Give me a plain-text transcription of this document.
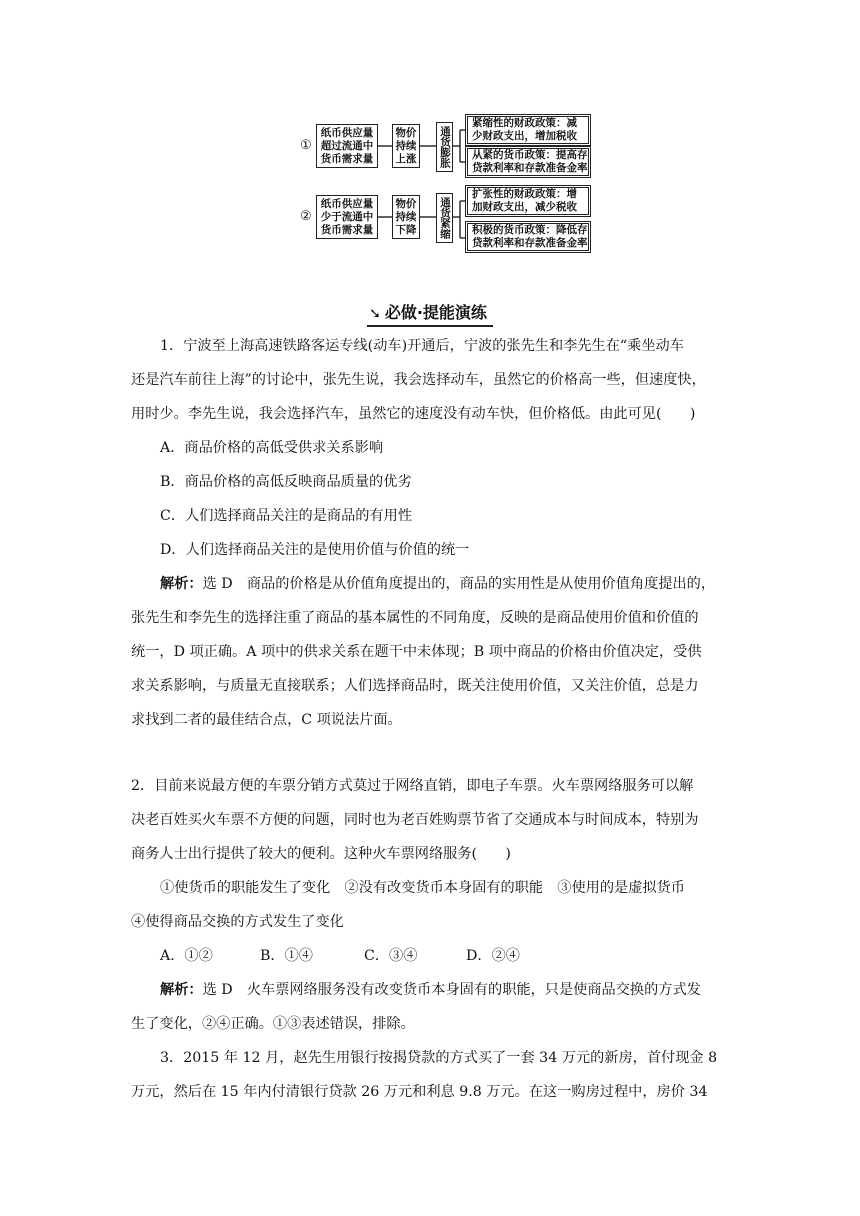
①
纸币供应量
超过流通中
货币需求量
物价
持续
上涨 通货膨胀
紧缩性的财政政策：减
少财政支出，增加税收
从紧的货币政策：提高存
贷款利率和存款准备金率
②
纸币供应量
少于流通中
货币需求量
物价
持续
下降 通货紧缩
扩张性的财政政策：增
加财政支出，减少税收
积极的货币政策：降低存
贷款利率和存款准备金率
➘ 必做·提能演练
1．宁波至上海高速铁路客运专线(动车)开通后，宁波的张先生和李先生在“乘坐动车
还是汽车前往上海”的讨论中，张先生说，我会选择动车，虽然它的价格高一些，但速度快，
用时少。李先生说，我会选择汽车，虽然它的速度没有动车快，但价格低。由此可见(　　)
A．商品价格的高低受供求关系影响
B．商品价格的高低反映商品质量的优劣
C．人们选择商品关注的是商品的有用性
D．人们选择商品关注的是使用价值与价值的统一
解析：选 D　商品的价格是从价值角度提出的，商品的实用性是从使用价值角度提出的，
张先生和李先生的选择注重了商品的基本属性的不同角度，反映的是商品使用价值和价值的
统一，D 项正确。A 项中的供求关系在题干中未体现；B 项中商品的价格由价值决定，受供
求关系影响，与质量无直接联系；人们选择商品时，既关注使用价值，又关注价值，总是力
求找到二者的最佳结合点，C 项说法片面。
2．目前来说最方便的车票分销方式莫过于网络直销，即电子车票。火车票网络服务可以解
决老百姓买火车票不方便的问题，同时也为老百姓购票节省了交通成本与时间成本，特别为
商务人士出行提供了较大的便利。这种火车票网络服务(　　)
①使货币的职能发生了变化　②没有改变货币本身固有的职能　③使用的是虚拟货币
④使得商品交换的方式发生了变化
A．①②	B．①④	C．③④	D．②④
解析：选 D　火车票网络服务没有改变货币本身固有的职能，只是使商品交换的方式发
生了变化，②④正确。①③表述错误，排除。
3．2015 年 12 月，赵先生用银行按揭贷款的方式买了一套 34 万元的新房，首付现金 8
万元，然后在 15 年内付清银行贷款 26 万元和利息 9.8 万元。在这一购房过程中，房价 34
